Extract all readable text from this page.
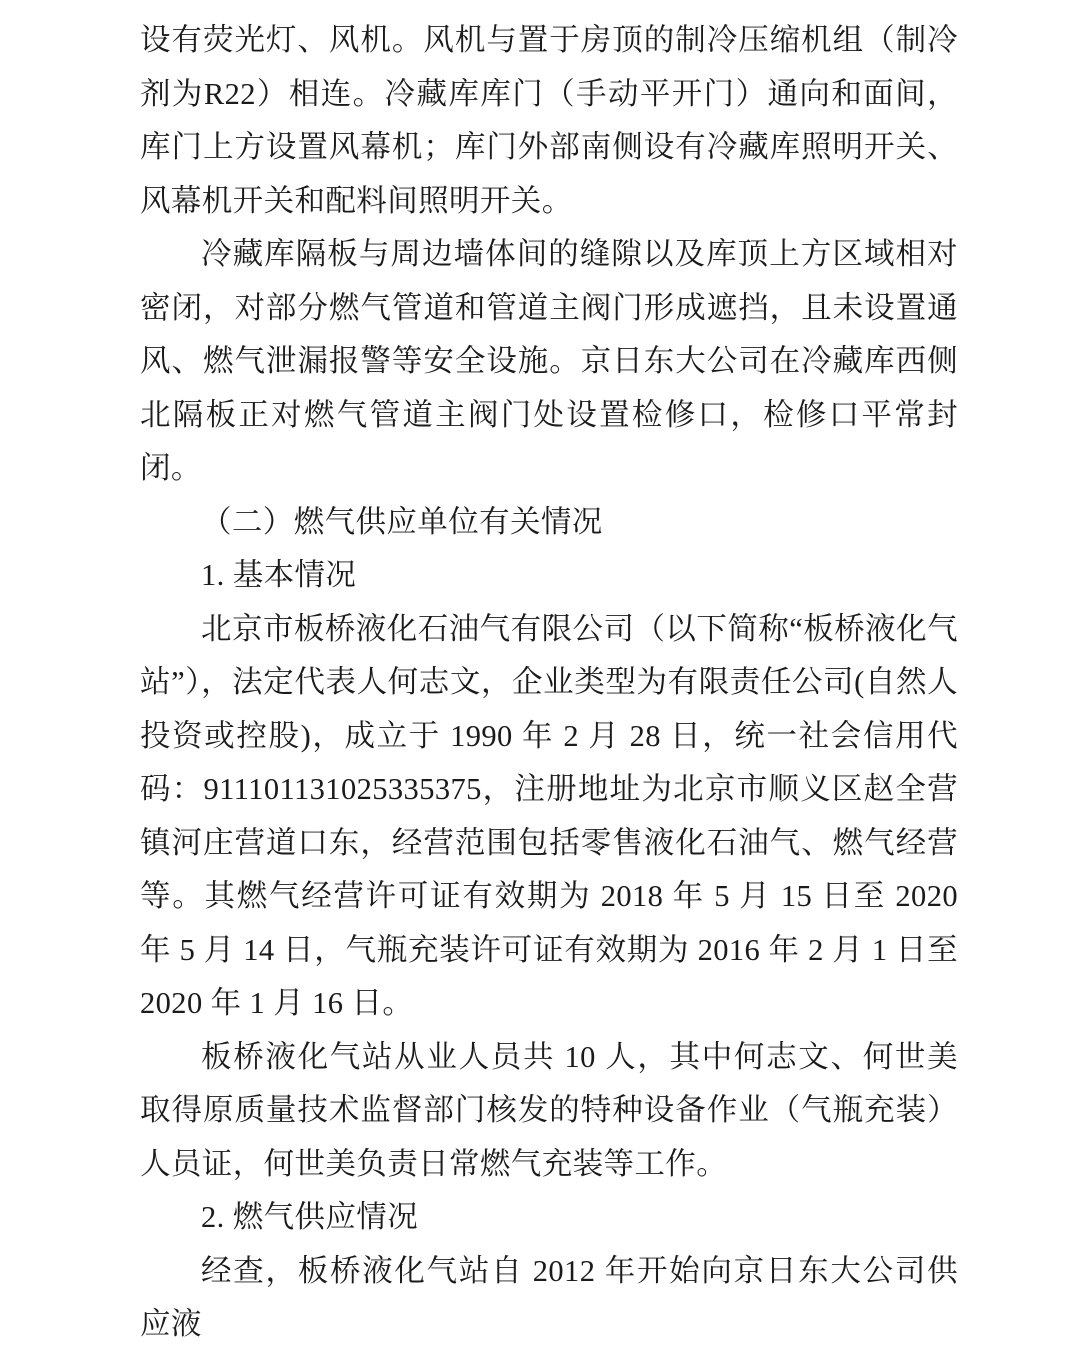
设有荧光灯、风机。风机与置于房顶的制冷压缩机组（制冷剂为R22）相连。冷藏库库门（手动平开门）通向和面间，库门上方设置风幕机；库门外部南侧设有冷藏库照明开关、风幕机开关和配料间照明开关。

冷藏库隔板与周边墙体间的缝隙以及库顶上方区域相对密闭，对部分燃气管道和管道主阀门形成遮挡，且未设置通风、燃气泄漏报警等安全设施。京日东大公司在冷藏库西侧北隔板正对燃气管道主阀门处设置检修口，检修口平常封闭。

（二）燃气供应单位有关情况

1. 基本情况

北京市板桥液化石油气有限公司（以下简称“板桥液化气站”），法定代表人何志文，企业类型为有限责任公司(自然人投资或控股)，成立于 1990 年 2 月 28 日，统一社会信用代码：911101131025335375，注册地址为北京市顺义区赵全营镇河庄营道口东，经营范围包括零售液化石油气、燃气经营等。其燃气经营许可证有效期为 2018 年 5 月 15 日至 2020 年 5 月 14 日，气瓶充装许可证有效期为 2016 年 2 月 1 日至 2020 年 1 月 16 日。

板桥液化气站从业人员共 10 人，其中何志文、何世美取得原质量技术监督部门核发的特种设备作业（气瓶充装）人员证，何世美负责日常燃气充装等工作。

2. 燃气供应情况

经查，板桥液化气站自 2012 年开始向京日东大公司供应液
